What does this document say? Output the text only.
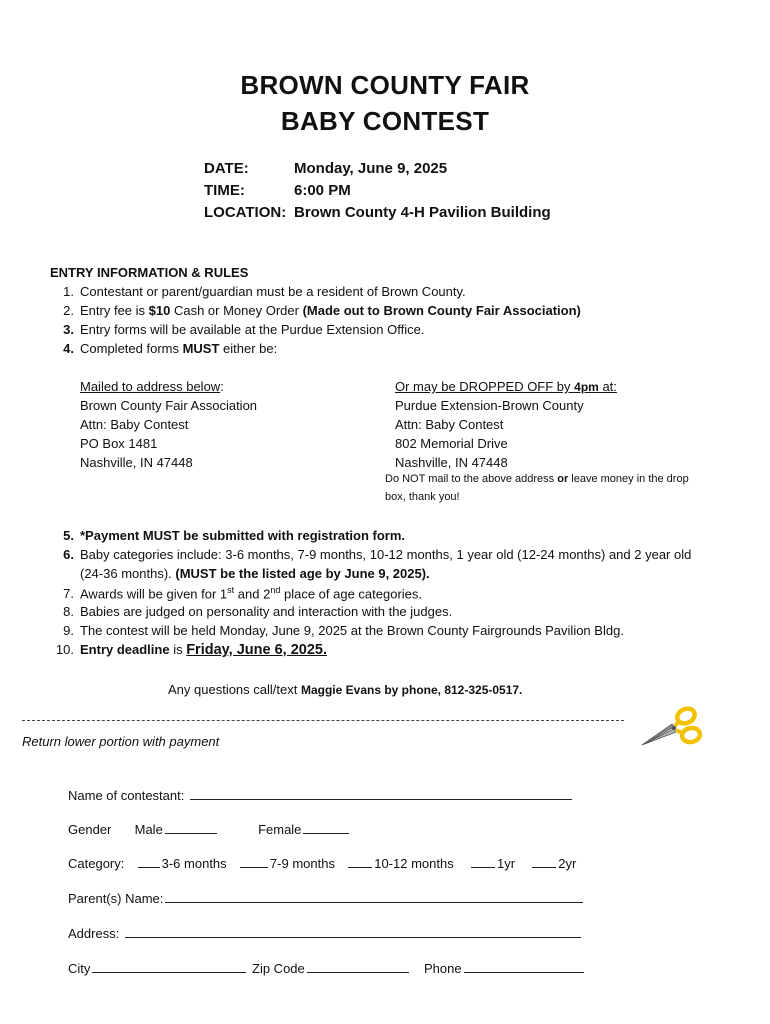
BROWN COUNTY FAIR
BABY CONTEST
DATE:	Monday, June 9, 2025
TIME:	6:00 PM
LOCATION: Brown County 4-H Pavilion Building
ENTRY INFORMATION & RULES
1. Contestant or parent/guardian must be a resident of Brown County.
2. Entry fee is $10 Cash or Money Order (Made out to Brown County Fair Association)
3. Entry forms will be available at the Purdue Extension Office.
4. Completed forms MUST either be:
Mailed to address below:
Brown County Fair Association
Attn: Baby Contest
PO Box 1481
Nashville, IN 47448
Or may be DROPPED OFF by 4pm at:
Purdue Extension-Brown County
Attn: Baby Contest
802 Memorial Drive
Nashville, IN 47448
Do NOT mail to the above address or leave money in the drop
box, thank you!
5. *Payment MUST be submitted with registration form.
6. Baby categories include: 3-6 months, 7-9 months, 10-12 months, 1 year old (12-24 months) and 2 year old
(24-36 months). (MUST be the listed age by June 9, 2025).
7. Awards will be given for 1st and 2nd place of age categories.
8. Babies are judged on personality and interaction with the judges.
9. The contest will be held Monday, June 9, 2025 at the Brown County Fairgrounds Pavilion Bldg.
10. Entry deadline is Friday, June 6, 2025.
Any questions call/text Maggie Evans by phone, 812-325-0517.
Return lower portion with payment
Name of contestant:
Gender Male	Female
Category:	3-6 months	7-9 months	10-12 months	1yr	2yr
Parent(s) Name:
Address:
City	Zip Code	Phone
